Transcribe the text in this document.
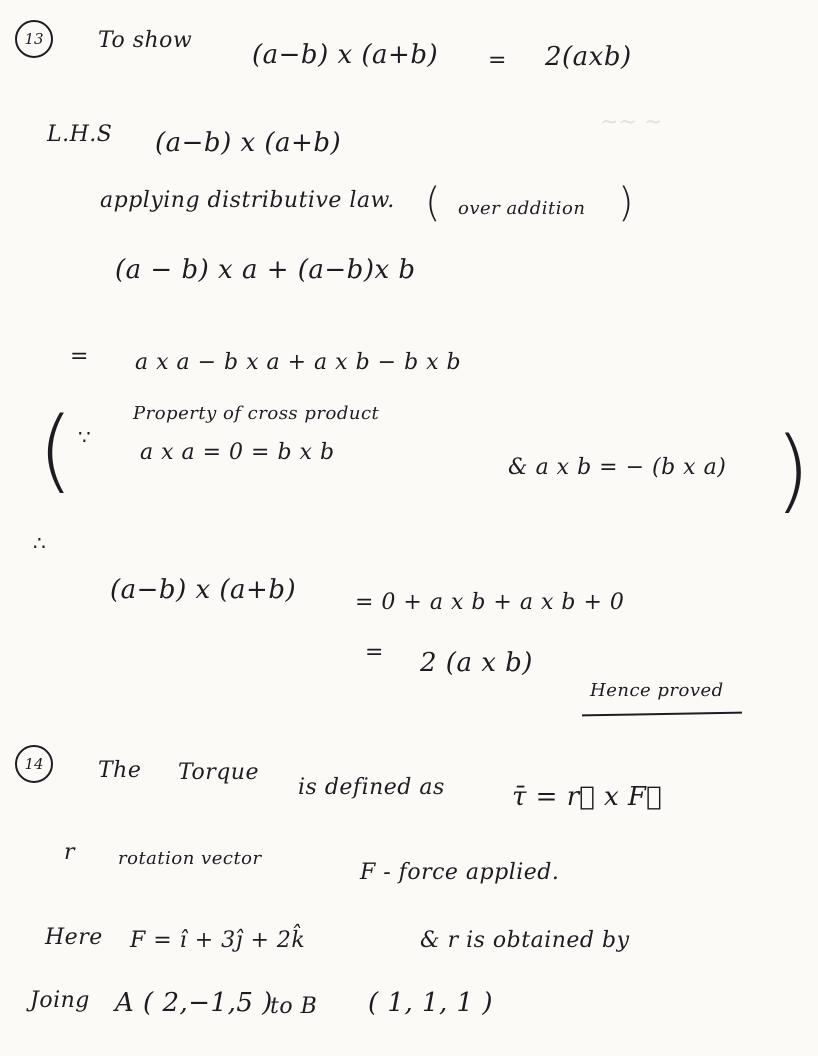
13 To show (a−b) x (a+b) = 2(axb)
~~ ~
L.H.S (a−b) x (a+b)
applying distributive law. ( over addition )
(a − b) x a + (a−b)x b
= a x a − b x a + a x b − b x b
( ∵
Property of cross product
a x a = 0 = b x b
& a x b = − (b x a) )
∴
(a−b) x (a+b)	= 0 + a x b + a x b + 0
= 2 (a x b)
Hence proved
14 The Torque
is defined as	τ̄ = r⃗ x F⃗
r rotation vector
F - force applied.
Here F = î + 3ĵ + 2k̂	& r is obtained by
Joing A ( 2,−1,5 )
to B ( 1, 1, 1 )
